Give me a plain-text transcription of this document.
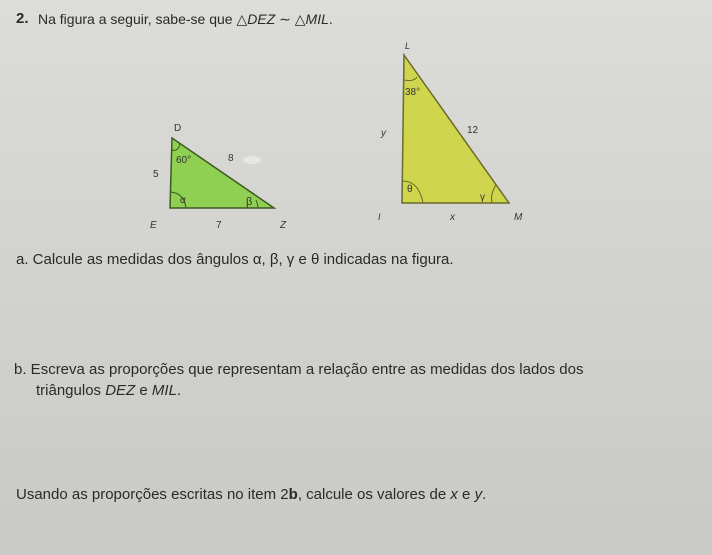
2. Na figura a seguir, sabe-se que △DEZ ∼ △MIL.
D
E	Z
5
8
7
60°
α	β
L
I	M
y	12
x
38°
θ
γ
a. Calcule as medidas dos ângulos α, β, γ e θ indicadas na figura.
b. Escreva as proporções que representam a relação entre as medidas dos lados dos
triângulos DEZ e MIL.
Usando as proporções escritas no item 2b, calcule os valores de x e y.
